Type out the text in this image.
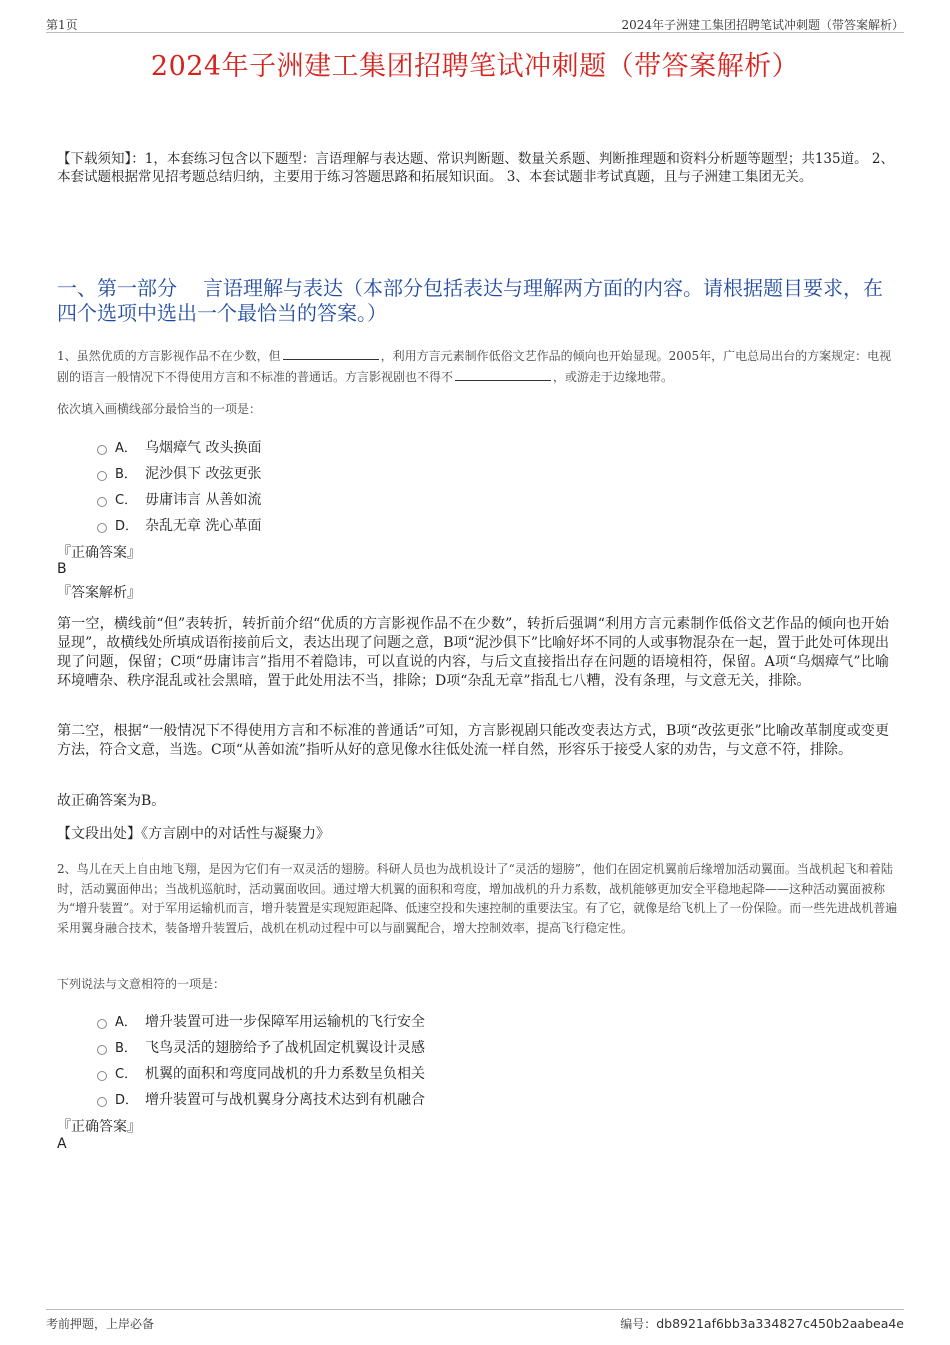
第1页	2024年子洲建工集团招聘笔试冲刺题（带答案解析）
2024年子洲建工集团招聘笔试冲刺题（带答案解析）
【下载须知】：1，本套练习包含以下题型：言语理解与表达题、常识判断题、数量关系题、判断推理题和资料分析题等题型；共135道。 2、本套试题根据常见招考题总结归纳，主要用于练习答题思路和拓展知识面。 3、本套试题非考试真题，且与子洲建工集团无关。
一、第一部分 言语理解与表达（本部分包括表达与理解两方面的内容。请根据题目要求，在四个选项中选出一个最恰当的答案。）
1、虽然优质的方言影视作品不在少数，但	，利用方言元素制作低俗文艺作品的倾向也开始显现。2005年，广电总局出台的方案规定：电视剧的语言一般情况下不得使用方言和不标准的普通话。方言影视剧也不得不	，或游走于边缘地带。
依次填入画横线部分最恰当的一项是：
A． 乌烟瘴气 改头换面
B． 泥沙俱下 改弦更张
C． 毋庸讳言 从善如流
D． 杂乱无章 洗心革面
『正确答案』
B
『答案解析』
第一空，横线前“但”表转折，转折前介绍“优质的方言影视作品不在少数”，转折后强调“利用方言元素制作低俗文艺作品的倾向也开始显现”，故横线处所填成语衔接前后文，表达出现了问题之意，B项“泥沙俱下”比喻好坏不同的人或事物混杂在一起，置于此处可体现出现了问题，保留；C项“毋庸讳言”指用不着隐讳，可以直说的内容，与后文直接指出存在问题的语境相符，保留。A项“乌烟瘴气”比喻环境嘈杂、秩序混乱或社会黑暗，置于此处用法不当，排除；D项“杂乱无章”指乱七八糟，没有条理，与文意无关，排除。
第二空，根据“一般情况下不得使用方言和不标准的普通话”可知，方言影视剧只能改变表达方式，B项“改弦更张”比喻改革制度或变更方法，符合文意，当选。C项“从善如流”指听从好的意见像水往低处流一样自然，形容乐于接受人家的劝告，与文意不符，排除。
故正确答案为B。
【文段出处】《方言剧中的对话性与凝聚力》
2、鸟儿在天上自由地飞翔，是因为它们有一双灵活的翅膀。科研人员也为战机设计了“灵活的翅膀”，他们在固定机翼前后缘增加活动翼面。当战机起飞和着陆时，活动翼面伸出；当战机巡航时，活动翼面收回。通过增大机翼的面积和弯度，增加战机的升力系数，战机能够更加安全平稳地起降——这种活动翼面被称为“增升装置”。对于军用运输机而言，增升装置是实现短距起降、低速空投和失速控制的重要法宝。有了它，就像是给飞机上了一份保险。而一些先进战机普遍采用翼身融合技术，装备增升装置后，战机在机动过程中可以与副翼配合，增大控制效率，提高飞行稳定性。
下列说法与文意相符的一项是：
A． 增升装置可进一步保障军用运输机的飞行安全
B． 飞鸟灵活的翅膀给予了战机固定机翼设计灵感
C． 机翼的面积和弯度同战机的升力系数呈负相关
D． 增升装置可与战机翼身分离技术达到有机融合
『正确答案』
A
考前押题，上岸必备	编号：db8921af6bb3a334827c450b2aabea4e
